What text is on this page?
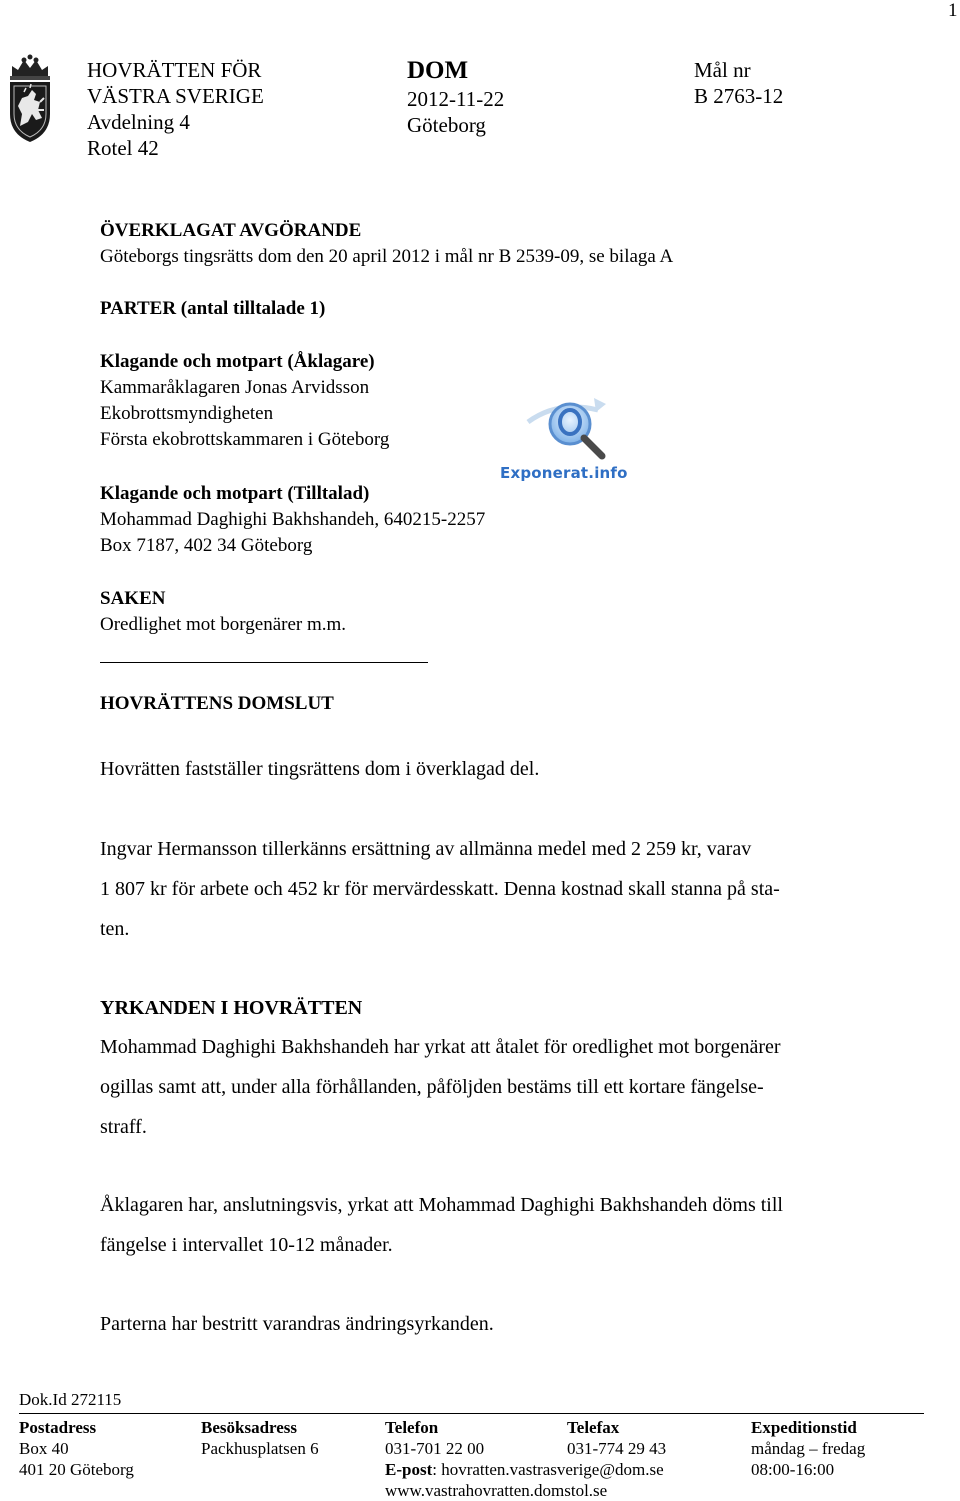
1
HOVRÄTTEN FÖR
VÄSTRA SVERIGE
Avdelning 4
Rotel 42
DOM
2012-11-22
Göteborg
Mål nr
B 2763-12
ÖVERKLAGAT AVGÖRANDE
Göteborgs tingsrätts dom den 20 april 2012 i mål nr B 2539-09, se bilaga A
PARTER (antal tilltalade 1)
Klagande och motpart (Åklagare)
Kammaråklagaren Jonas Arvidsson
Ekobrottsmyndigheten
Första ekobrottskammaren i Göteborg
Exponerat.info
Klagande och motpart (Tilltalad)
Mohammad Daghighi Bakhshandeh, 640215-2257
Box 7187, 402 34 Göteborg
SAKEN
Oredlighet mot borgenärer m.m.
HOVRÄTTENS DOMSLUT
Hovrätten fastställer tingsrättens dom i överklagad del.
Ingvar Hermansson tillerkänns ersättning av allmänna medel med 2 259 kr, varav
1 807 kr för arbete och 452 kr för mervärdesskatt. Denna kostnad skall stanna på sta-
ten.
YRKANDEN I HOVRÄTTEN
Mohammad Daghighi Bakhshandeh har yrkat att åtalet för oredlighet mot borgenärer
ogillas samt att, under alla förhållanden, påföljden bestäms till ett kortare fängelse-
straff.
Åklagaren har, anslutningsvis, yrkat att Mohammad Daghighi Bakhshandeh döms till
fängelse i intervallet 10-12 månader.
Parterna har bestritt varandras ändringsyrkanden.
Dok.Id 272115
Postadress
Box 40
401 20 Göteborg
Besöksadress
Packhusplatsen 6
Telefon
031-701 22 00
E-post: hovratten.vastrasverige@dom.se
www.vastrahovratten.domstol.se
Telefax
031-774 29 43
Expeditionstid
måndag – fredag
08:00-16:00
